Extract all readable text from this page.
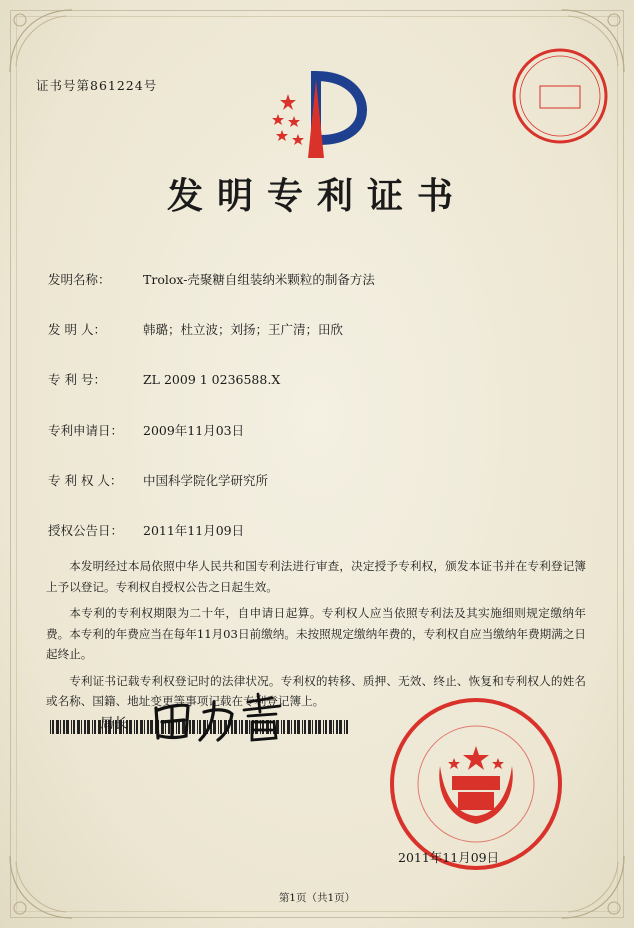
证书号第861224号
发明专利证书
发明名称：	Trolox-壳聚糖自组装纳米颗粒的制备方法
发 明 人：	韩璐；杜立波；刘扬；王广清；田欣
专 利 号：	ZL 2009 1 0236588.X
专利申请日： 2009年11月03日
专 利 权 人： 中国科学院化学研究所
授权公告日： 2011年11月09日

本发明经过本局依照中华人民共和国专利法进行审查，决定授予专利权，颁发本证书并在专利登记簿上予以登记。专利权自授权公告之日起生效。

本专利的专利权期限为二十年，自申请日起算。专利权人应当依照专利法及其实施细则规定缴纳年费。本专利的年费应当在每年11月03日前缴纳。未按照规定缴纳年费的，专利权自应当缴纳年费期满之日起终止。

专利证书记载专利权登记时的法律状况。专利权的转移、质押、无效、终止、恢复和专利权人的姓名或名称、国籍、地址变更等事项记载在专利登记簿上。

局长
2011年11月09日
第1页（共1页）
